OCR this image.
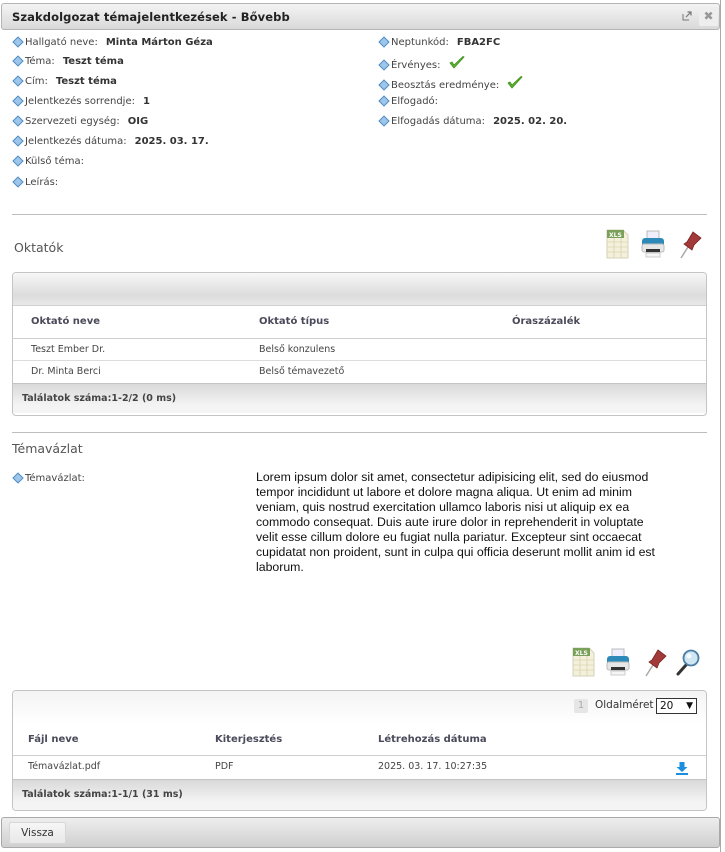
Szakdolgozat témajelentkezések - Bővebb	✖
Hallgató neve: Minta Márton Géza
Téma: Teszt téma
Cím: Teszt téma
Jelentkezés sorrendje: 1
Szervezeti egység: OIG
Jelentkezés dátuma: 2025. 03. 17.
Külső téma:
Leírás:
Neptunkód: FBA2FC
Érvényes:
Beosztás eredménye:
Elfogadó:
Elfogadás dátuma: 2025. 02. 20.
Oktatók
XLS
Oktató neve	Oktató típus	Óraszázalék
Teszt Ember Dr.	Belső konzulens
Dr. Minta Berci	Belső témavezető
Találatok száma:1-2/2 (0 ms)
Témavázlat
Témavázlat:	Lorem ipsum dolor sit amet, consectetur adipisicing elit, sed do eiusmod tempor incididunt ut labore et dolore magna aliqua. Ut enim ad minim veniam, quis nostrud exercitation ullamco laboris nisi ut aliquip ex ea commodo consequat. Duis aute irure dolor in reprehenderit in voluptate velit esse cillum dolore eu fugiat nulla pariatur. Excepteur sint occaecat cupidatat non proident, sunt in culpa qui officia deserunt mollit anim id est laborum.
XLS
1	Oldalméret 20 ▼
Fájl neve	Kiterjesztés	Létrehozás dátuma
Témavázlat.pdf	PDF	2025. 03. 17. 10:27:35
Találatok száma:1-1/1 (31 ms)
Vissza
